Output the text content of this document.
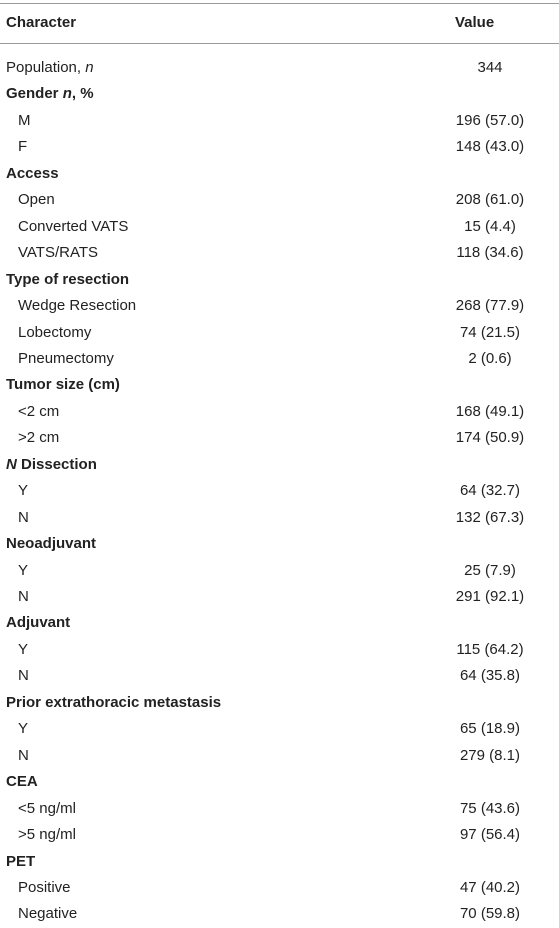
Character	Value
Population, n	344
Gender n, %
M	196 (57.0)
F	148 (43.0)
Access
Open	208 (61.0)
Converted VATS	15 (4.4)
VATS/RATS	118 (34.6)
Type of resection
Wedge Resection	268 (77.9)
Lobectomy	74 (21.5)
Pneumectomy	2 (0.6)
Tumor size (cm)
<2 cm	168 (49.1)
>2 cm	174 (50.9)
N Dissection
Y	64 (32.7)
N	132 (67.3)
Neoadjuvant
Y	25 (7.9)
N	291 (92.1)
Adjuvant
Y	115 (64.2)
N	64 (35.8)
Prior extrathoracic metastasis
Y	65 (18.9)
N	279 (8.1)
CEA
<5 ng/ml	75 (43.6)
>5 ng/ml	97 (56.4)
PET
Positive	47 (40.2)
Negative	70 (59.8)
